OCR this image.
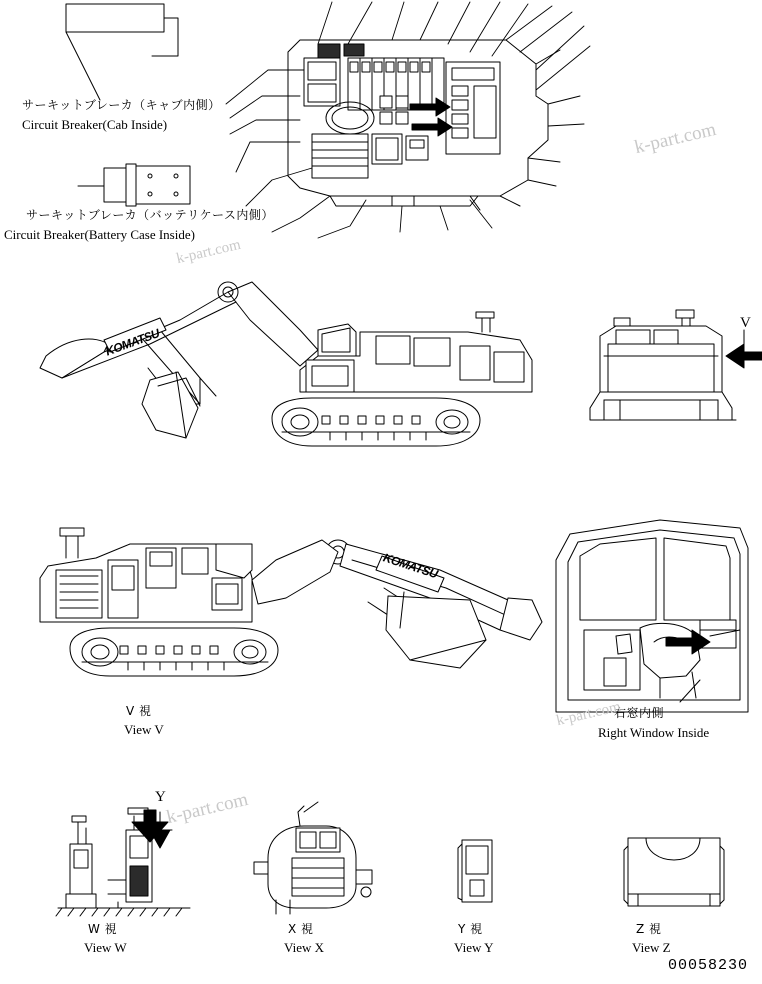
サーキットブレーカ（キャブ内側）
Circuit Breaker(Cab Inside)
サーキットブレーカ（バッテリケース内側）
Circuit Breaker(Battery Case Inside)
右窓内側
Right Window Inside
V 視
View V
W 視
View W
X 視
View X
Y 視
View Y
Z 視
View Z
V
Y
KOMATSU
KOMATSU
00058230
k-part.com
k-part.com
k-part.com
k-part.com
